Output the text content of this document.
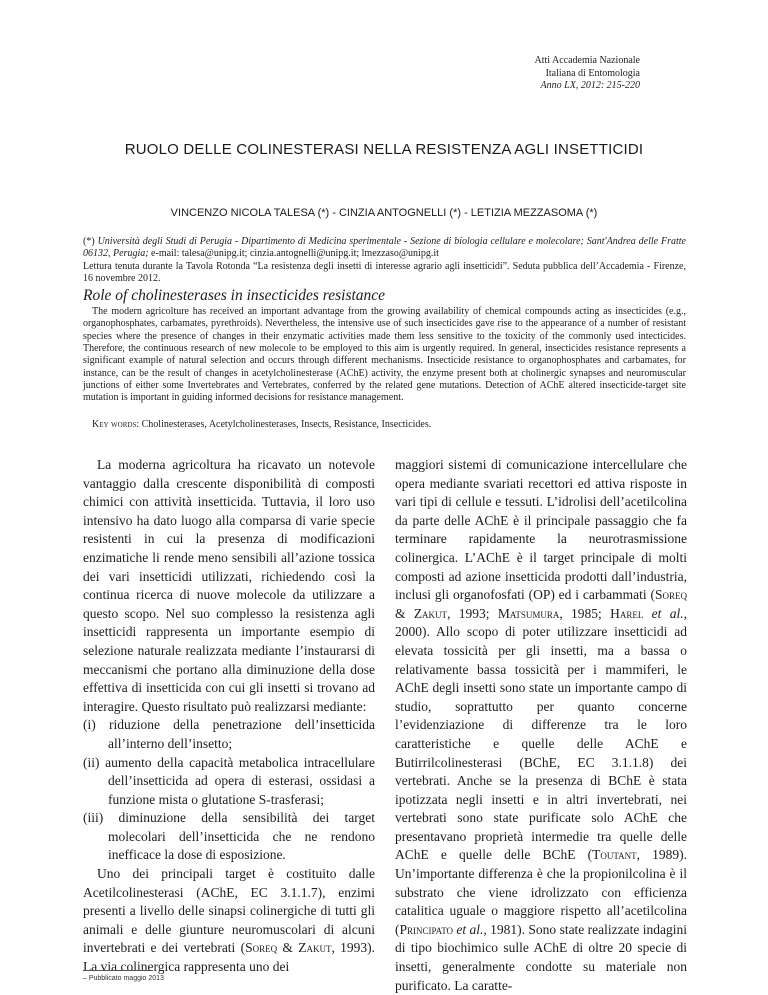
Atti Accademia Nazionale
Italiana di Entomologia
Anno LX, 2012: 215-220
RUOLO DELLE COLINESTERASI NELLA RESISTENZA AGLI INSETTICIDI
VINCENZO NICOLA TALESA (*) - CINZIA ANTOGNELLI (*) - LETIZIA MEZZASOMA (*)

(*) Università degli Studi di Perugia - Dipartimento di Medicina sperimentale - Sezione di biologia cellulare e molecolare; Sant'Andrea delle Fratte 06132, Perugia; e-mail: talesa@unipg.it; cinzia.antognelli@unipg.it; lmezzaso@unipg.it

Lettura tenuta durante la Tavola Rotonda “La resistenza degli insetti di interesse agrario agli insetticidi”. Seduta pubblica dell’Accademia - Firenze, 16 novembre 2012.

Role of cholinesterases in insecticides resistance

The modern agricolture has received an important advantage from the growing availability of chemical compounds acting as insecticides (e.g., organophosphates, carbamates, pyrethroids). Nevertheless, the intensive use of such insecticides gave rise to the appearance of a number of resistant species where the presence of changes in their enzymatic activities made them less sensitive to the toxicity of the commonly used intecticides. Therefore, the continuous research of new molecole to be employed to this aim is urgently required. In general, insecticides resistance represents a significant example of natural selection and occurs through different mechanisms. Insecticide resistance to organophosphates and carbamates, for instance, can be the result of changes in acetylcholinesterase (AChE) activity, the enzyme present both at cholinergic synapses and neuromuscular junctions of either some Invertebrates and Vertebrates, conferred by the related gene mutations. Detection of AChE altered insecticide-target site mutation is important in guiding informed decisions for resistance management.

Key words: Cholinesterases, Acetylcholinesterases, Insects, Resistance, Insecticides.

La moderna agricoltura ha ricavato un notevole vantaggio dalla crescente disponibilità di composti chimici con attività insetticida. Tuttavia, il loro uso intensivo ha dato luogo alla comparsa di varie specie resistenti in cui la presenza di modificazioni enzimatiche li rende meno sensibili all’azione tossica dei vari insetticidi utilizzati, richiedendo così la continua ricerca di nuove molecole da utilizzare a questo scopo. Nel suo complesso la resistenza agli insetticidi rappresenta un importante esempio di selezione naturale realizzata mediante l’instaurarsi di meccanismi che portano alla diminuzione della dose effettiva di insetticida con cui gli insetti si trovano ad interagire. Questo risultato può realizzarsi mediante:

(i) riduzione della penetrazione dell’insetticida all’interno dell’insetto;

(ii) aumento della capacità metabolica intracellulare dell’insetticida ad opera di esterasi, ossidasi a funzione mista o glutatione S-trasferasi;

(iii) diminuzione della sensibilità dei target molecolari dell’insetticida che ne rendono inefficace la dose di esposizione.

Uno dei principali target è costituito dalle Acetilcolinesterasi (AChE, EC 3.1.1.7), enzimi presenti a livello delle sinapsi colinergiche di tutti gli animali e delle giunture neuromuscolari di alcuni invertebrati e dei vertebrati (Soreq & Zakut, 1993). La via colinergica rappresenta uno dei

maggiori sistemi di comunicazione intercellulare che opera mediante svariati recettori ed attiva risposte in vari tipi di cellule e tessuti. L’idrolisi dell’acetilcolina da parte delle AChE è il principale passaggio che fa terminare rapidamente la neurotrasmissione colinergica. L’AChE è il target principale di molti composti ad azione insetticida prodotti dall’industria, inclusi gli organofosfati (OP) ed i carbammati (Soreq & Zakut, 1993; Matsumura, 1985; Harel et al., 2000). Allo scopo di poter utilizzare insetticidi ad elevata tossicità per gli insetti, ma a bassa o relativamente bassa tossicità per i mammiferi, le AChE degli insetti sono state un importante campo di studio, soprattutto per quanto concerne l’evidenziazione di differenze tra le loro caratteristiche e quelle delle AChE e Butirrilcolinesterasi (BChE, EC 3.1.1.8) dei vertebrati. Anche se la presenza di BChE è stata ipotizzata negli insetti e in altri invertebrati, nei vertebrati sono state purificate solo AChE che presentavano proprietà intermedie tra quelle delle AChE e quelle delle BChE (Toutant, 1989). Un’importante differenza è che la propionilcolina è il substrato che viene idrolizzato con efficienza catalitica uguale o maggiore rispetto all’acetilcolina (Principato et al., 1981). Sono state realizzate indagini di tipo biochimico sulle AChE di oltre 20 specie di insetti, generalmente condotte su materiale non purificato. La caratte-

– Pubblicato maggio 2013
